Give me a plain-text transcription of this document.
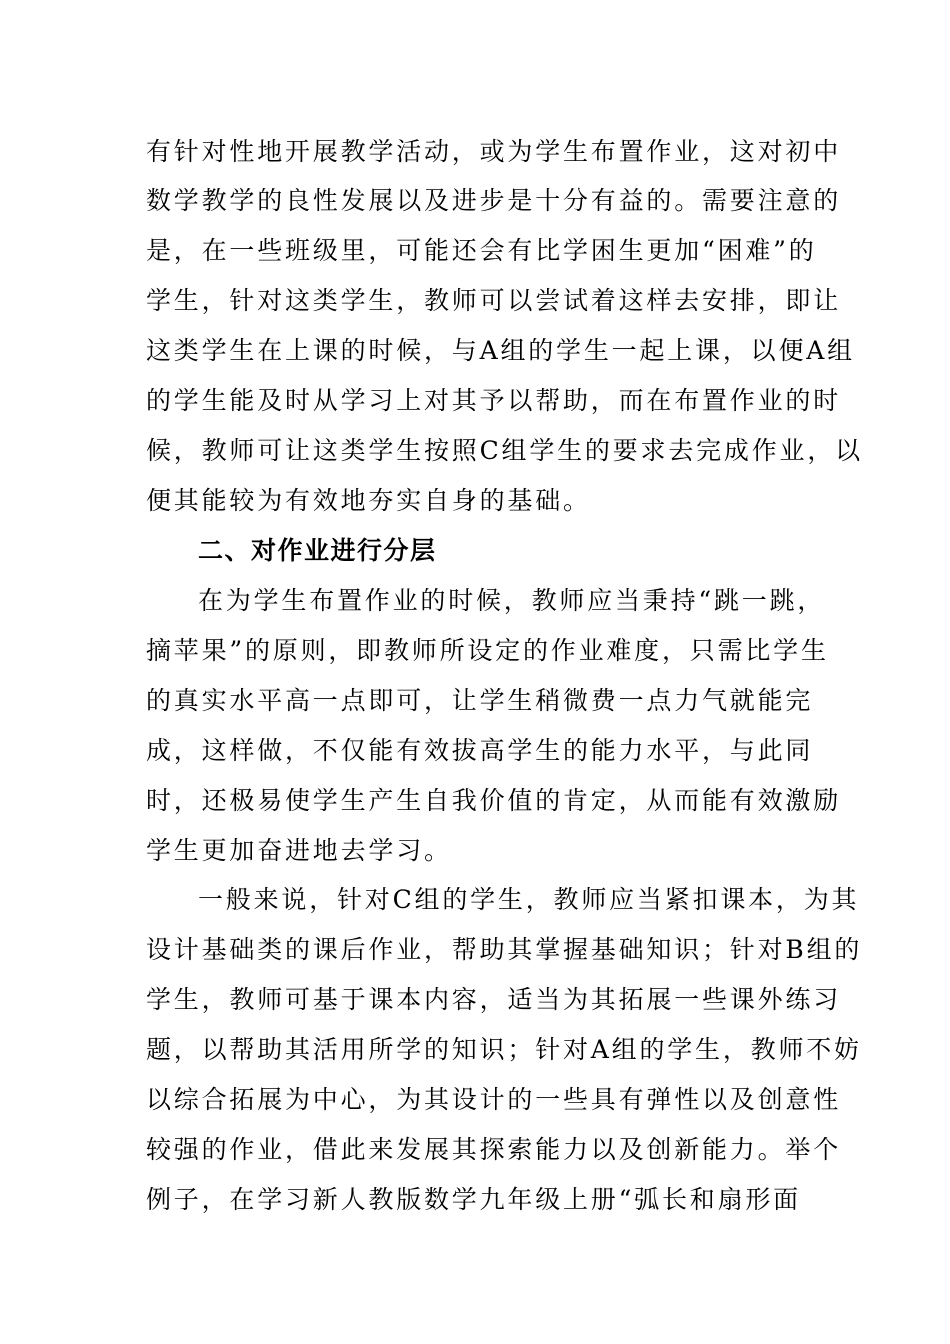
有针对性地开展教学活动，或为学生布置作业，这对初中
数学教学的良性发展以及进步是十分有益的。需要注意的
是，在一些班级里，可能还会有比学困生更加“困难”的
学生，针对这类学生，教师可以尝试着这样去安排，即让
这类学生在上课的时候，与A组的学生一起上课，以便A组
的学生能及时从学习上对其予以帮助，而在布置作业的时
候，教师可让这类学生按照C组学生的要求去完成作业，以
便其能较为有效地夯实自身的基础。
二、对作业进行分层
在为学生布置作业的时候，教师应当秉持“跳一跳，
摘苹果”的原则，即教师所设定的作业难度，只需比学生
的真实水平高一点即可，让学生稍微费一点力气就能完
成，这样做，不仅能有效拔高学生的能力水平，与此同
时，还极易使学生产生自我价值的肯定，从而能有效激励
学生更加奋进地去学习。
一般来说，针对C组的学生，教师应当紧扣课本，为其
设计基础类的课后作业，帮助其掌握基础知识；针对B组的
学生，教师可基于课本内容，适当为其拓展一些课外练习
题，以帮助其活用所学的知识；针对A组的学生，教师不妨
以综合拓展为中心，为其设计的一些具有弹性以及创意性
较强的作业，借此来发展其探索能力以及创新能力。举个
例子，在学习新人教版数学九年级上册“弧长和扇形面
